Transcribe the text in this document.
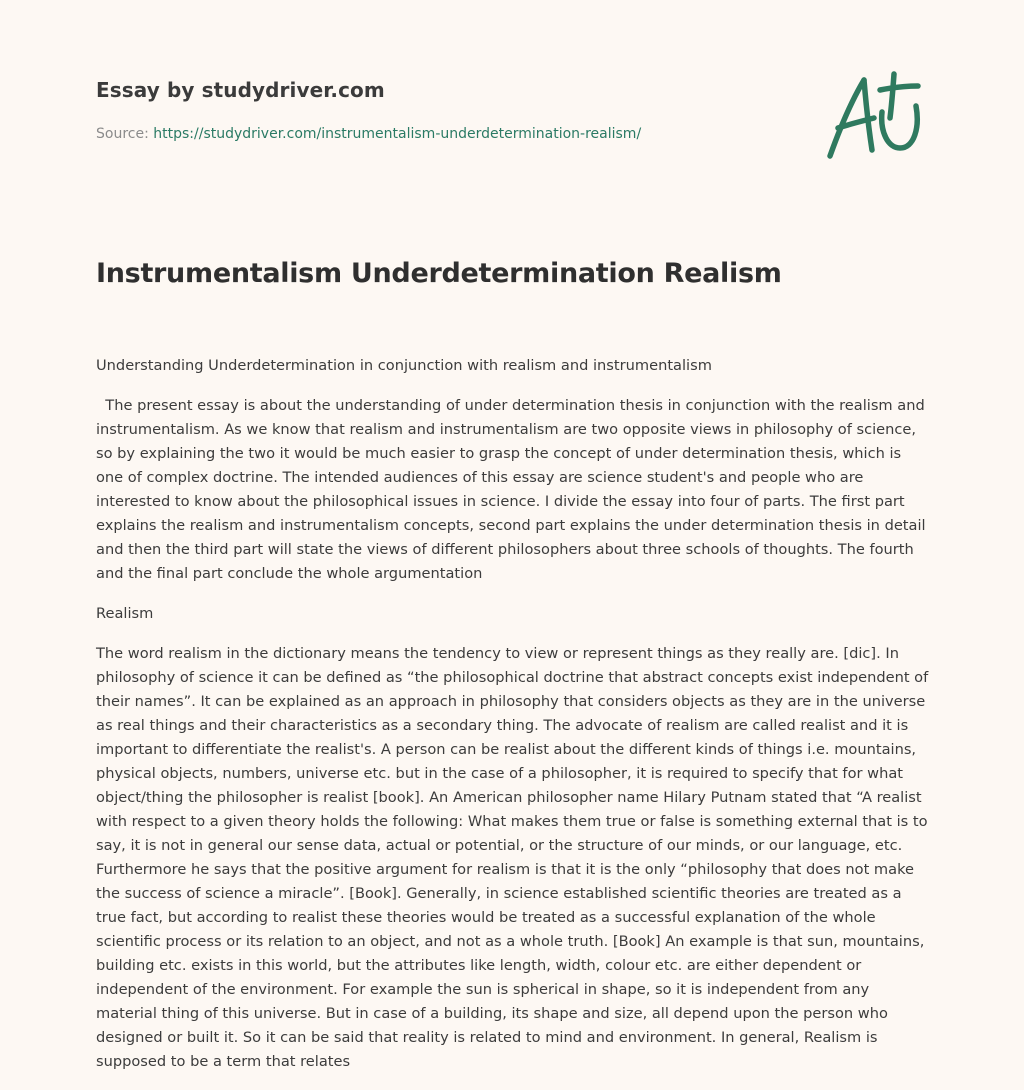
Essay by studydriver.com
Source: https://studydriver.com/instrumentalism-underdetermination-realism/
Instrumentalism Underdetermination Realism

Understanding Underdetermination in conjunction with realism and instrumentalism

The present essay is about the understanding of under determination thesis in conjunction with the realism and instrumentalism. As we know that realism and instrumentalism are two opposite views in philosophy of science, so by explaining the two it would be much easier to grasp the concept of under determination thesis, which is one of complex doctrine. The intended audiences of this essay are science student's and people who are interested to know about the philosophical issues in science. I divide the essay into four of parts. The first part explains the realism and instrumentalism concepts, second part explains the under determination thesis in detail and then the third part will state the views of different philosophers about three schools of thoughts. The fourth and the final part conclude the whole argumentation

Realism

The word realism in the dictionary means the tendency to view or represent things as they really are. [dic]. In philosophy of science it can be defined as “the philosophical doctrine that abstract concepts exist independent of their names”. It can be explained as an approach in philosophy that considers objects as they are in the universe as real things and their characteristics as a secondary thing. The advocate of realism are called realist and it is important to differentiate the realist's. A person can be realist about the different kinds of things i.e. mountains, physical objects, numbers, universe etc. but in the case of a philosopher, it is required to specify that for what object/thing the philosopher is realist [book]. An American philosopher name Hilary Putnam stated that “A realist with respect to a given theory holds the following: What makes them true or false is something external that is to say, it is not in general our sense data, actual or potential, or the structure of our minds, or our language, etc. Furthermore he says that the positive argument for realism is that it is the only “philosophy that does not make the success of science a miracle”. [Book]. Generally, in science established scientific theories are treated as a true fact, but according to realist these theories would be treated as a successful explanation of the whole scientific process or its relation to an object, and not as a whole truth. [Book] An example is that sun, mountains, building etc. exists in this world, but the attributes like length, width, colour etc. are either dependent or independent of the environment. For example the sun is spherical in shape, so it is independent from any material thing of this universe. But in case of a building, its shape and size, all depend upon the person who designed or built it. So it can be said that reality is related to mind and environment. In general, Realism is supposed to be a term that relates
